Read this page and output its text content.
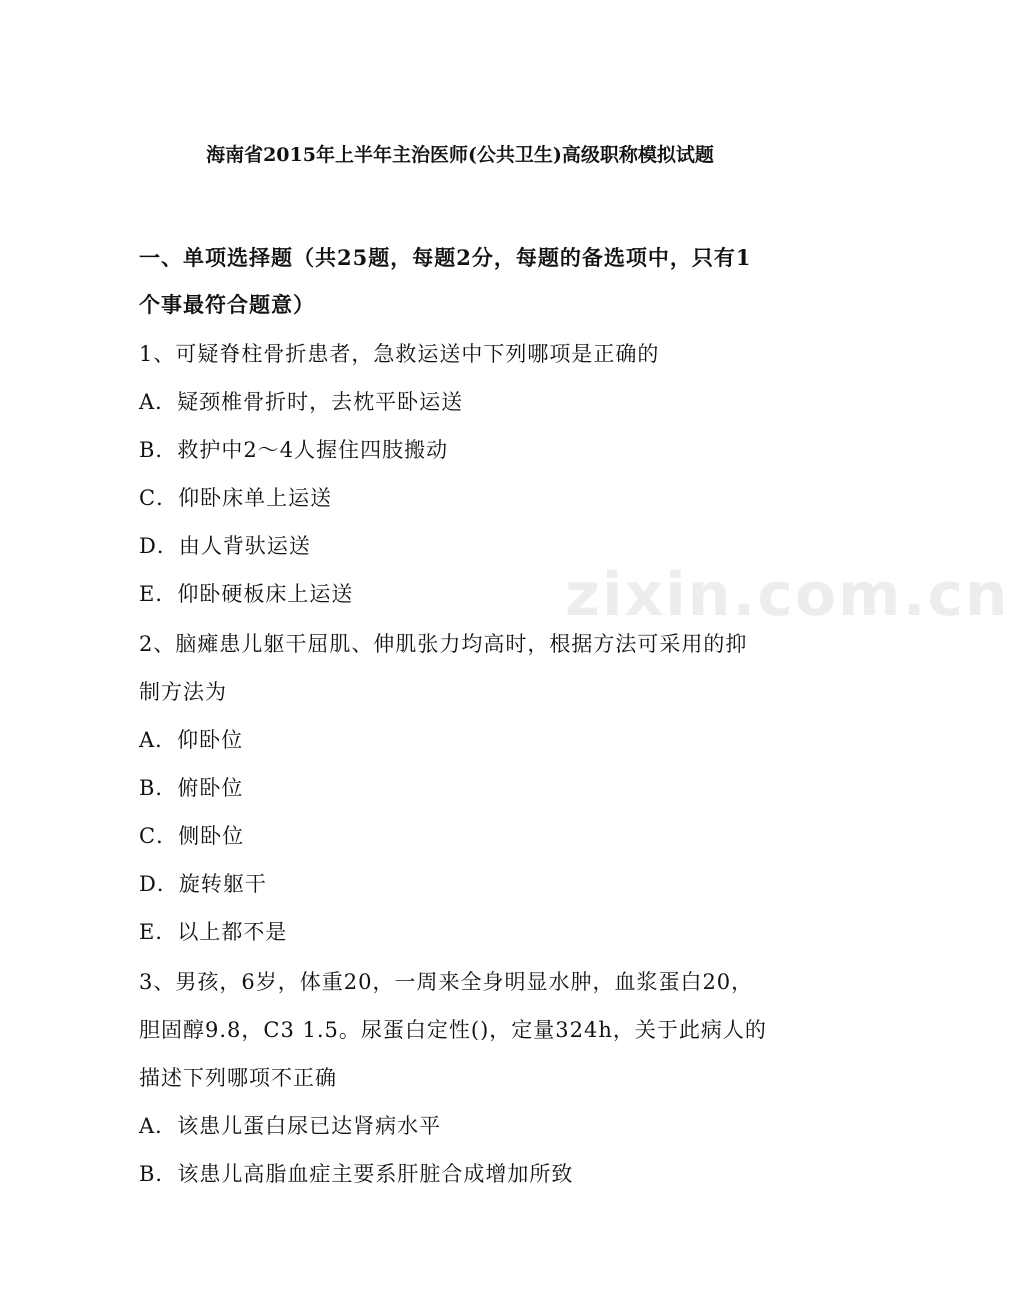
海南省2015年上半年主治医师(公共卫生)高级职称模拟试题
一、单项选择题（共25题，每题2分，每题的备选项中，只有1
个事最符合题意）
1、可疑脊柱骨折患者，急救运送中下列哪项是正确的
A．疑颈椎骨折时，去枕平卧运送
B．救护中2～4人握住四肢搬动
C．仰卧床单上运送
D．由人背驮运送
E．仰卧硬板床上运送
2、脑瘫患儿躯干屈肌、伸肌张力均高时，根据方法可采用的抑
制方法为
A．仰卧位
B．俯卧位
C．侧卧位
D．旋转躯干
E．以上都不是
3、男孩，6岁，体重20，一周来全身明显水肿，血浆蛋白20，
胆固醇9.8，C3 1.5。尿蛋白定性()，定量324h，关于此病人的
描述下列哪项不正确
A．该患儿蛋白尿已达肾病水平
B．该患儿高脂血症主要系肝脏合成增加所致
zixin.com.cn
